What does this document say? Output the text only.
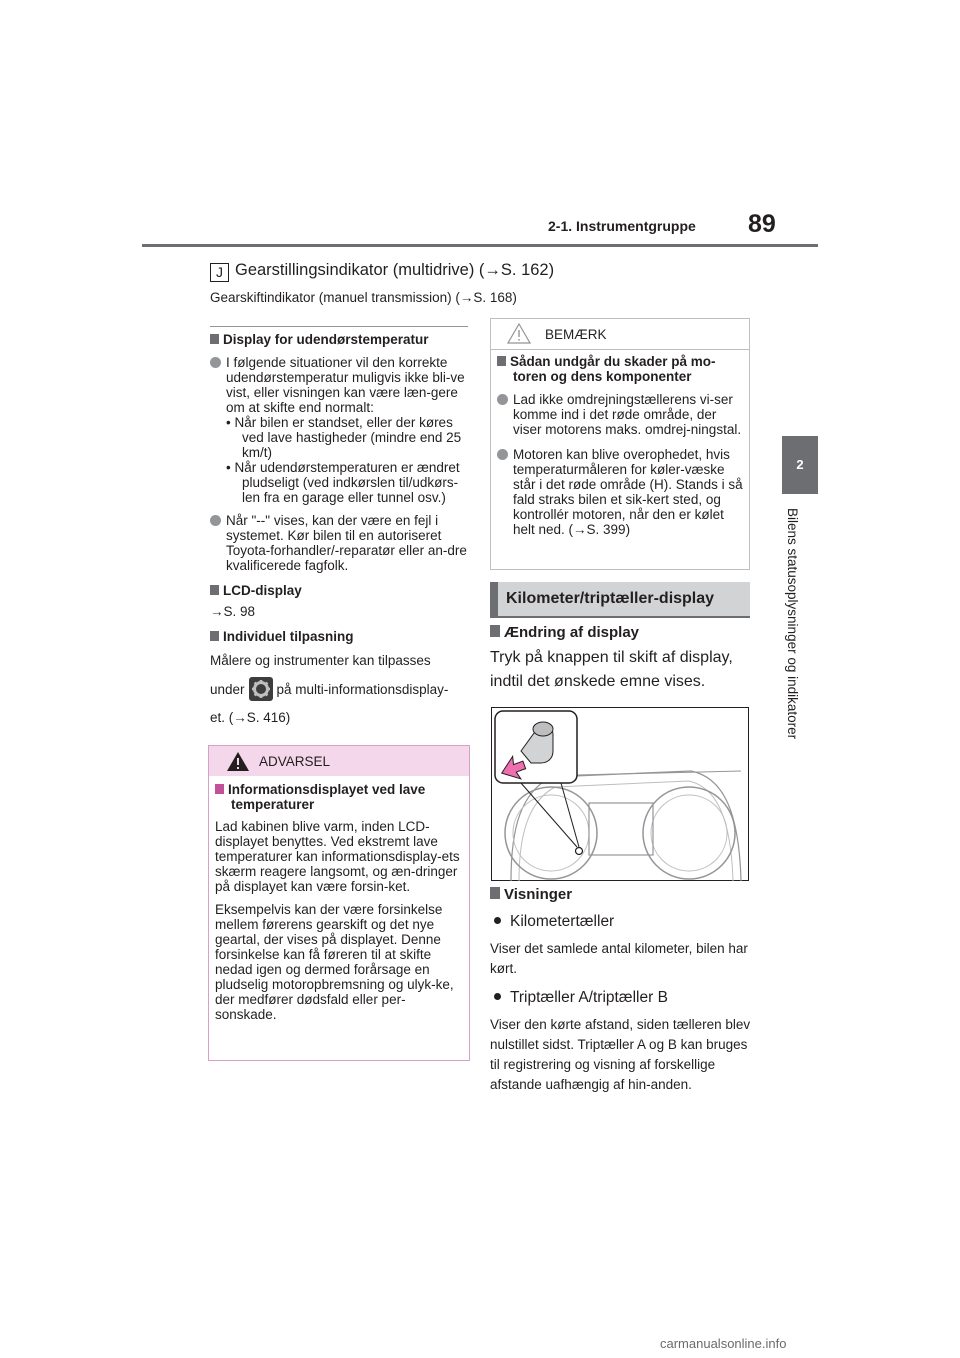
2-1. Instrumentgruppe 89
2
Bilens statusoplysninger og indikatorer
J Gearstillingsindikator (multidrive) (→S. 162)
Gearskiftindikator (manuel transmission) (→S. 168)
Display for udendørstemperatur
I følgende situationer vil den korrekte udendørstemperatur muligvis ikke bli-ve vist, eller visningen kan være læn-gere om at skifte end normalt:
• Når bilen er standset, eller der køres ved lave hastigheder (mindre end 25 km/t)
• Når udendørstemperaturen er ændret pludseligt (ved indkørslen til/udkørs-len fra en garage eller tunnel osv.)
Når "--" vises, kan der være en fejl i systemet. Kør bilen til en autoriseret Toyota-forhandler/-reparatør eller an-dre kvalificerede fagfolk.
LCD-display
→S. 98
Individuel tilpasning
Målere og instrumenter kan tilpasses
under på multi-informationsdisplay-
et. (→S. 416)
ADVARSEL
Informationsdisplayet ved lave temperaturer
Lad kabinen blive varm, inden LCD-displayet benyttes. Ved ekstremt lave temperaturer kan informationsdisplay-ets skærm reagere langsomt, og æn-dringer på displayet kan være forsin-ket.
Eksempelvis kan der være forsinkelse mellem førerens gearskift og det nye geartal, der vises på displayet. Denne forsinkelse kan få føreren til at skifte nedad igen og dermed forårsage en pludselig motoropbremsning og ulyk-ke, der medfører dødsfald eller per-sonskade.
BEMÆRK
Sådan undgår du skader på mo-toren og dens komponenter
Lad ikke omdrejningstællerens vi-ser komme ind i det røde område, der viser motorens maks. omdrej-ningstal.
Motoren kan blive overophedet, hvis temperaturmåleren for køler-væske står i det røde område (H). Stands i så fald straks bilen et sik-kert sted, og kontrollér motoren, når den er kølet helt ned. (→S. 399)
Kilometer/triptæller-display
Ændring af display
Tryk på knappen til skift af display, indtil det ønskede emne vises.
Visninger
Kilometertæller
Viser det samlede antal kilometer, bilen har kørt.
Triptæller A/triptæller B
Viser den kørte afstand, siden tælleren blev nulstillet sidst. Triptæller A og B kan bruges til registrering og visning af forskellige afstande uafhængig af hin-anden.
carmanualsonline.info
